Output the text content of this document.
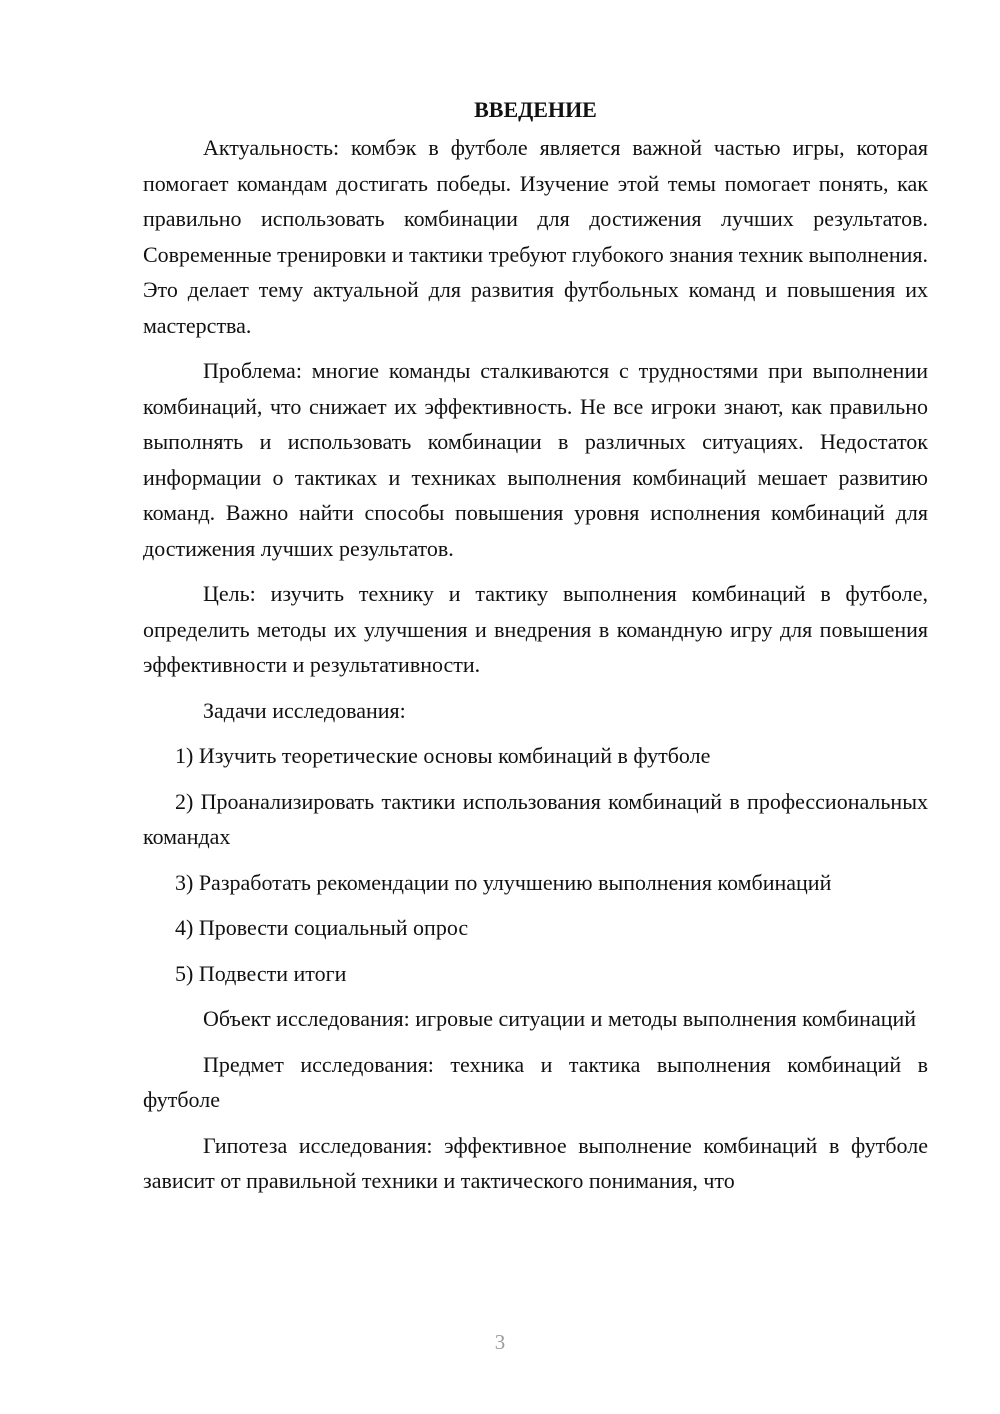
ВВЕДЕНИЕ

Актуальность: комбэк в футболе является важной частью игры, которая помогает командам достигать победы. Изучение этой темы помогает понять, как правильно использовать комбинации для достижения лучших результатов. Современные тренировки и тактики требуют глубокого знания техник выполнения. Это делает тему актуальной для развития футбольных команд и повышения их мастерства.

Проблема: многие команды сталкиваются с трудностями при выполнении комбинаций, что снижает их эффективность. Не все игроки знают, как правильно выполнять и использовать комбинации в различных ситуациях. Недостаток информации о тактиках и техниках выполнения комбинаций мешает развитию команд. Важно найти способы повышения уровня исполнения комбинаций для достижения лучших результатов.

Цель: изучить технику и тактику выполнения комбинаций в футболе, определить методы их улучшения и внедрения в командную игру для повышения эффективности и результативности.

Задачи исследования:

1) Изучить теоретические основы комбинаций в футболе

2) Проанализировать тактики использования комбинаций в профессиональных командах

3) Разработать рекомендации по улучшению выполнения комбинаций

4) Провести социальный опрос

5) Подвести итоги

Объект исследования: игровые ситуации и методы выполнения комбинаций

Предмет исследования: техника и тактика выполнения комбинаций в футболе

Гипотеза исследования: эффективное выполнение комбинаций в футболе зависит от правильной техники и тактического понимания, что

3
